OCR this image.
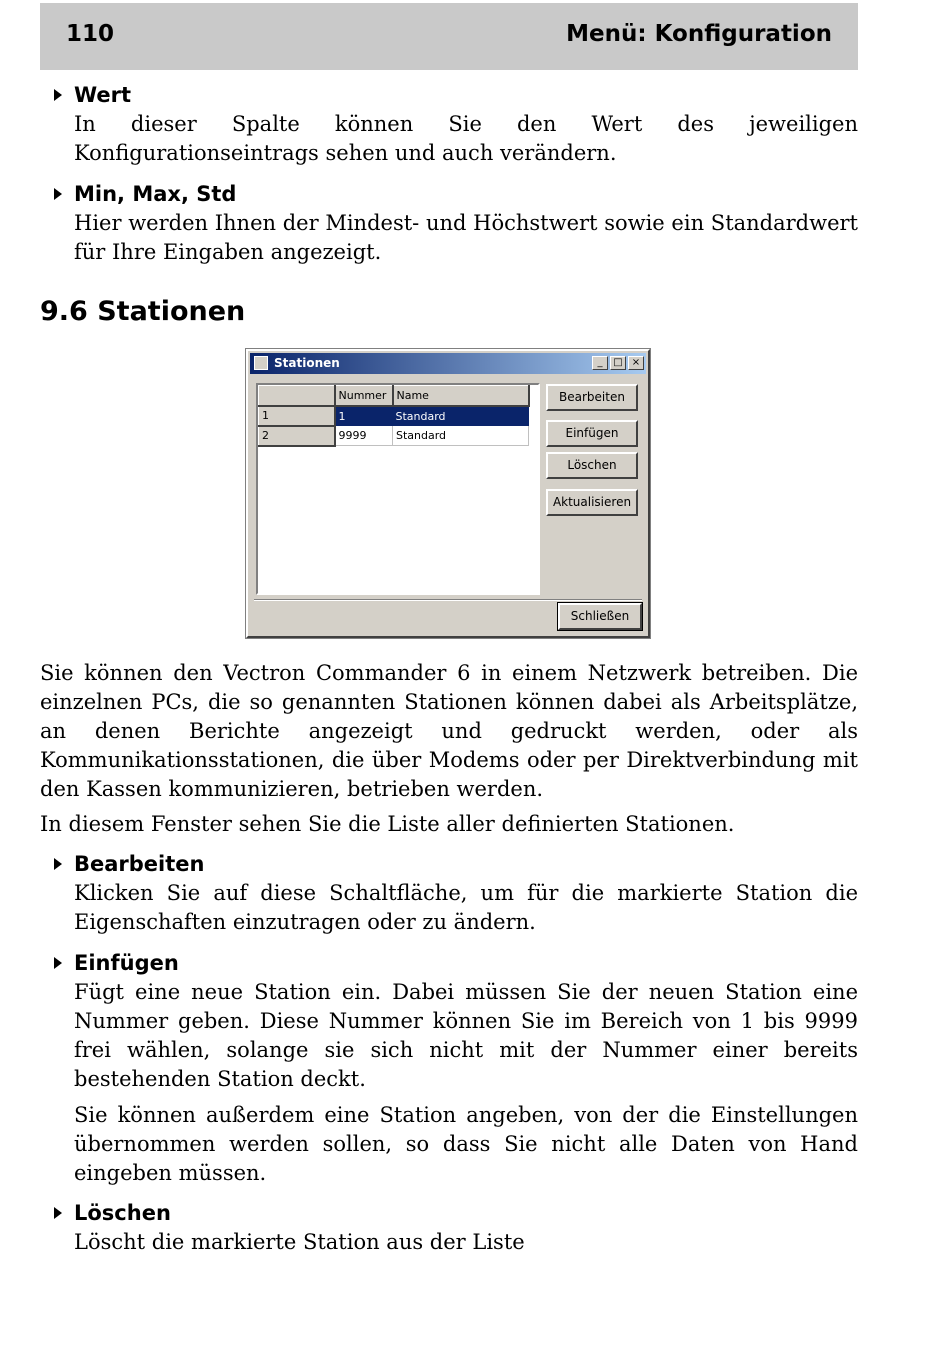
110	Menü: Konfiguration
Wert
In dieser Spalte können Sie den Wert des jeweiligen Konfigurationseintrags sehen und auch verändern.
Min, Max, Std
Hier werden Ihnen der Mindest- und Höchstwert sowie ein Standardwert für Ihre Eingaben angezeigt.
9.6 Stationen
Stationen	_	□ ×
	Nummer	Name
1	1	Standard
2	9999	Standard
Bearbeiten
Einfügen
Löschen
Aktualisieren
Schließen
Sie können den Vectron Commander 6 in einem Netzwerk betreiben. Die einzelnen PCs, die so genannten Stationen können dabei als Arbeitsplätze, an denen Berichte angezeigt und gedruckt werden, oder als Kommunikationsstationen, die über Modems oder per Direktverbindung mit den Kassen kommunizieren, betrieben werden.
In diesem Fenster sehen Sie die Liste aller definierten Stationen.
Bearbeiten
Klicken Sie auf diese Schaltfläche, um für die markierte Station die Eigenschaften einzutragen oder zu ändern.
Einfügen
Fügt eine neue Station ein. Dabei müssen Sie der neuen Station eine Nummer geben. Diese Nummer können Sie im Bereich von 1 bis 9999 frei wählen, solange sie sich nicht mit der Nummer einer bereits bestehenden Station deckt.
Sie können außerdem eine Station angeben, von der die Einstellungen übernommen werden sollen, so dass Sie nicht alle Daten von Hand eingeben müssen.
Löschen
Löscht die markierte Station aus der Liste
